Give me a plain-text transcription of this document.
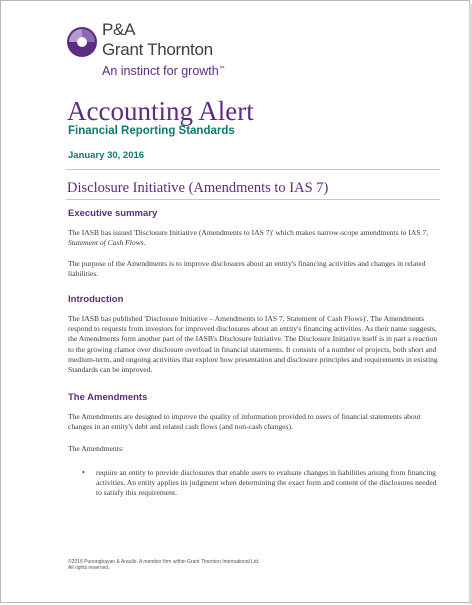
P&A
Grant Thornton
An instinct for growth™
Accounting Alert
Financial Reporting Standards
January 30, 2016
Disclosure Initiative (Amendments to IAS 7)
Executive summary
The IASB has issued 'Disclosure Initiative (Amendments to IAS 7)' which makes narrow-scope amendments to IAS 7, Statement of Cash Flows.
The purpose of the Amendments is to improve disclosures about an entity's financing activities and changes in related liabilities.
Introduction
The IASB has published 'Disclosure Initiative – Amendments to IAS 7, Statement of Cash Flows)'. The Amendments respond to requests from investors for improved disclosures about an entity's financing activities. As their name suggests, the Amendments form another part of the IASB's Disclosure Initiative. The Disclosure Initiative itself is in part a reaction to the growing clamor over disclosure overload in financial statements. It consists of a number of projects, both short and medium-term, and ongoing activities that explore how presentation and disclosure principles and requirements in existing Standards can be improved.
The Amendments
The Amendments are designed to improve the quality of information provided to users of financial statements about changes in an entity's debt and related cash flows (and non-cash changes).
The Amendments:
• require an entity to provide disclosures that enable users to evaluate changes in liabilities arising from financing activities. An entity applies its judgment when determining the exact form and content of the disclosures needed to satisfy this requirement.
©2016 Punongbayan & Araullo. A member firm within Grant Thornton International Ltd.
All rights reserved.
